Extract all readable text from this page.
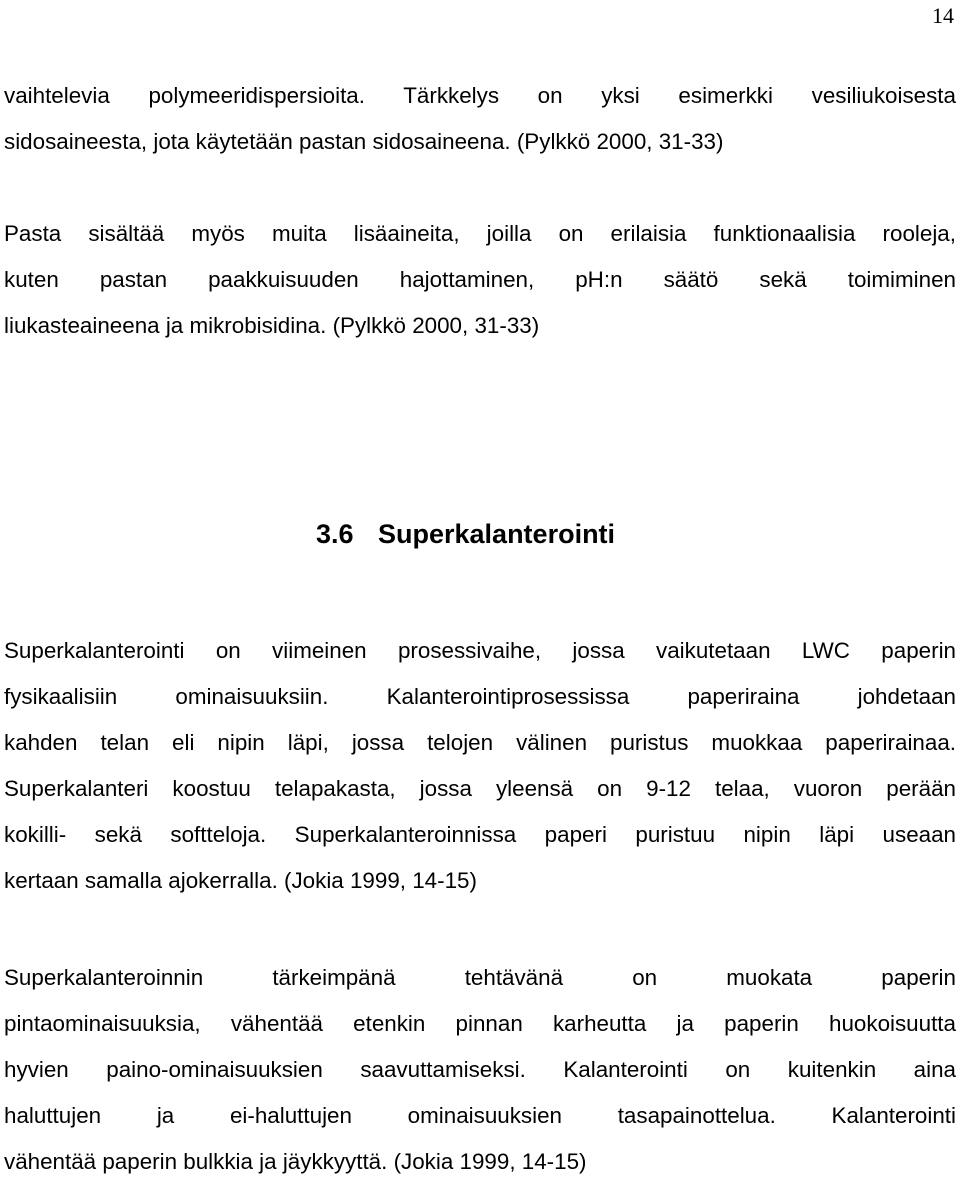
14
vaihtelevia polymeeridispersioita. Tärkkelys on yksi esimerkki vesiliukoisesta
sidosaineesta, jota käytetään pastan sidosaineena. (Pylkkö 2000, 31-33)
Pasta sisältää myös muita lisäaineita, joilla on erilaisia funktionaalisia rooleja,
kuten pastan paakkuisuuden hajottaminen, pH:n säätö sekä toimiminen
liukasteaineena ja mikrobisidina. (Pylkkö 2000, 31-33)
3.6 Superkalanterointi
Superkalanterointi on viimeinen prosessivaihe, jossa vaikutetaan LWC paperin
fysikaalisiin ominaisuuksiin. Kalanterointiprosessissa paperiraina johdetaan
kahden telan eli nipin läpi, jossa telojen välinen puristus muokkaa paperirainaa.
Superkalanteri koostuu telapakasta, jossa yleensä on 9-12 telaa, vuoron perään
kokilli- sekä softteloja. Superkalanteroinnissa paperi puristuu nipin läpi useaan
kertaan samalla ajokerralla. (Jokia 1999, 14-15)
Superkalanteroinnin tärkeimpänä tehtävänä on muokata paperin
pintaominaisuuksia, vähentää etenkin pinnan karheutta ja paperin huokoisuutta
hyvien paino-ominaisuuksien saavuttamiseksi. Kalanterointi on kuitenkin aina
haluttujen ja ei-haluttujen ominaisuuksien tasapainottelua. Kalanterointi
vähentää paperin bulkkia ja jäykkyyttä. (Jokia 1999, 14-15)
